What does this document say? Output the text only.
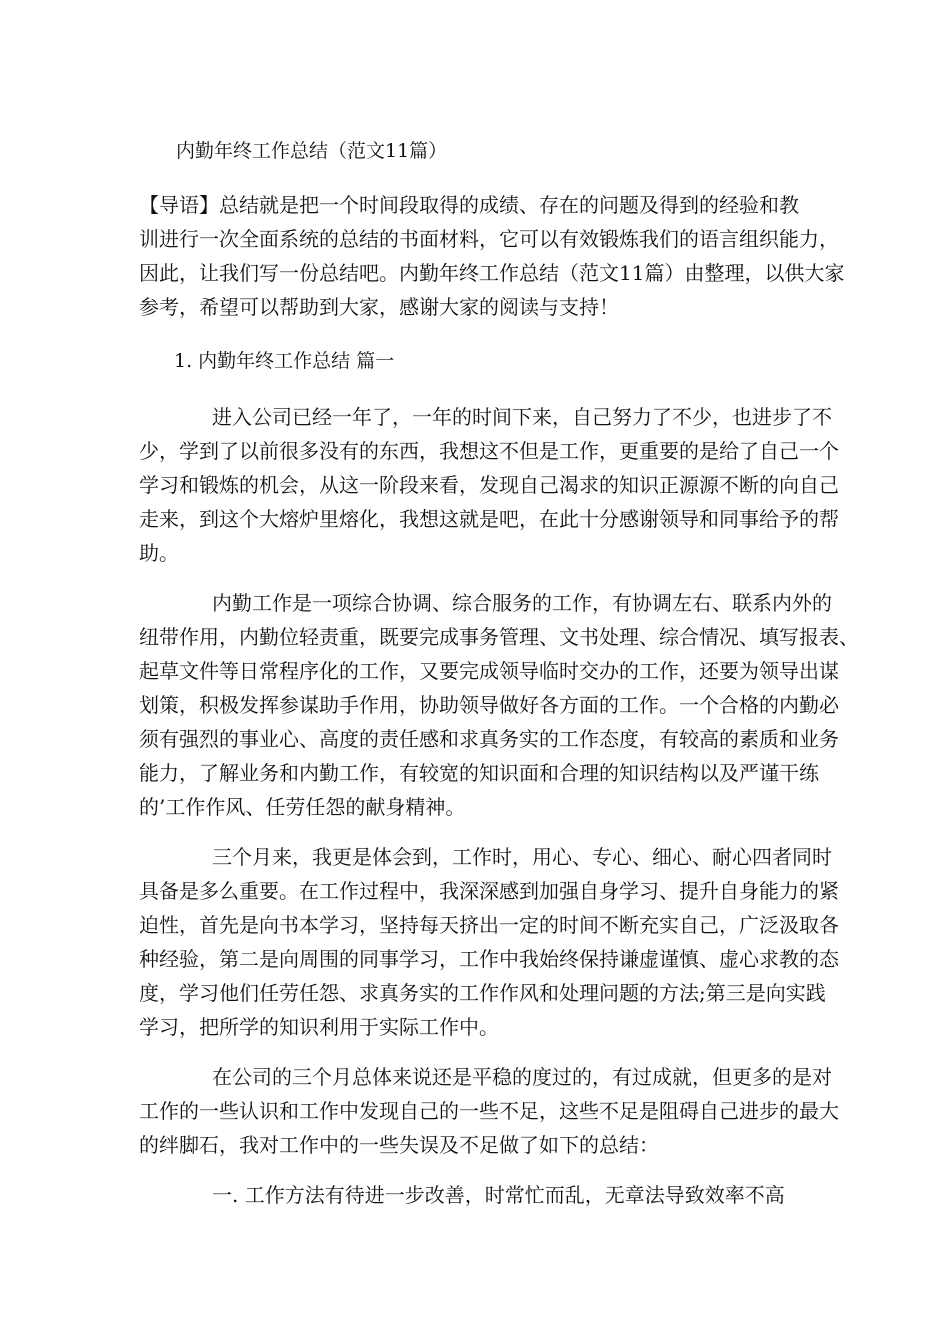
内勤年终工作总结（范文11篇）

【导语】总结就是把一个时间段取得的成绩、存在的问题及得到的经验和教

训进行一次全面系统的总结的书面材料，它可以有效锻炼我们的语言组织能力，

因此，让我们写一份总结吧。内勤年终工作总结（范文11篇）由整理，以供大家

参考，希望可以帮助到大家，感谢大家的阅读与支持！

1. 内勤年终工作总结 篇一

进入公司已经一年了，一年的时间下来，自己努力了不少，也进步了不

少，学到了以前很多没有的东西，我想这不但是工作，更重要的是给了自己一个

学习和锻炼的机会，从这一阶段来看，发现自己渴求的知识正源源不断的向自己

走来，到这个大熔炉里熔化，我想这就是吧，在此十分感谢领导和同事给予的帮

助。

内勤工作是一项综合协调、综合服务的工作，有协调左右、联系内外的

纽带作用，内勤位轻责重，既要完成事务管理、文书处理、综合情况、填写报表、

起草文件等日常程序化的工作，又要完成领导临时交办的工作，还要为领导出谋

划策，积极发挥参谋助手作用，协助领导做好各方面的工作。一个合格的内勤必

须有强烈的事业心、高度的责任感和求真务实的工作态度，有较高的素质和业务

能力，了解业务和内勤工作，有较宽的知识面和合理的知识结构以及严谨干练

的’工作作风、任劳任怨的献身精神。

三个月来，我更是体会到，工作时，用心、专心、细心、耐心四者同时

具备是多么重要。在工作过程中，我深深感到加强自身学习、提升自身能力的紧

迫性，首先是向书本学习，坚持每天挤出一定的时间不断充实自己，广泛汲取各

种经验，第二是向周围的同事学习，工作中我始终保持谦虚谨慎、虚心求教的态

度，学习他们任劳任怨、求真务实的工作作风和处理问题的方法;第三是向实践

学习，把所学的知识利用于实际工作中。

在公司的三个月总体来说还是平稳的度过的，有过成就，但更多的是对

工作的一些认识和工作中发现自己的一些不足，这些不足是阻碍自己进步的最大

的绊脚石，我对工作中的一些失误及不足做了如下的总结：

一. 工作方法有待进一步改善，时常忙而乱，无章法导致效率不高
